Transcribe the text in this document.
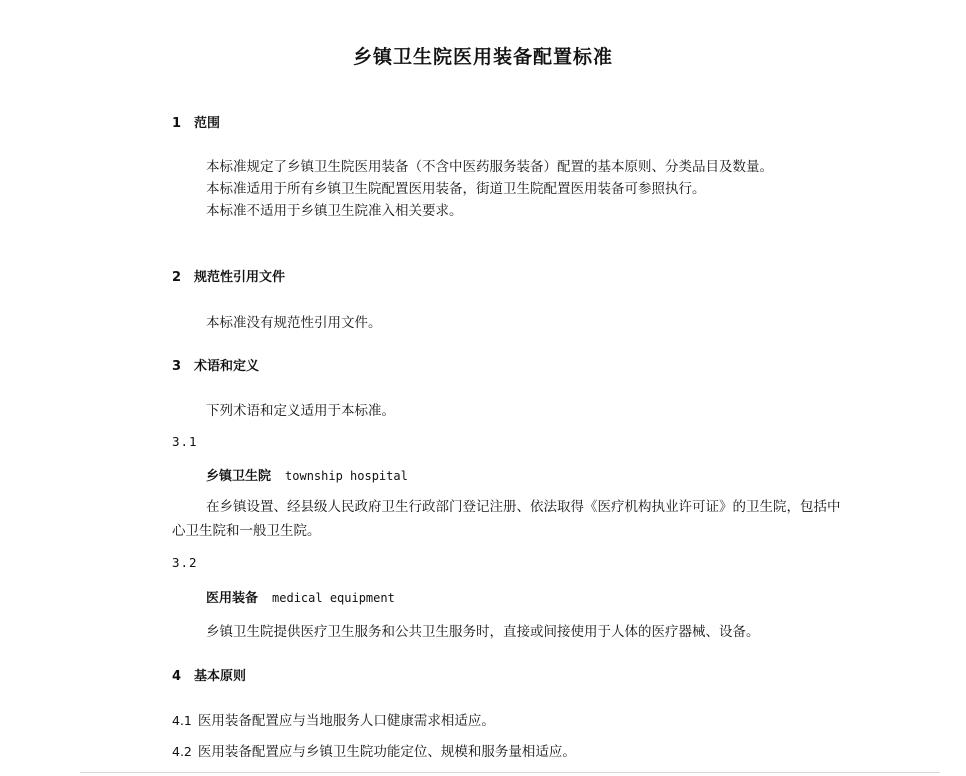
乡镇卫生院医用装备配置标准
1 范围
本标准规定了乡镇卫生院医用装备（不含中医药服务装备）配置的基本原则、分类品目及数量。
本标准适用于所有乡镇卫生院配置医用装备，街道卫生院配置医用装备可参照执行。
本标准不适用于乡镇卫生院准入相关要求。
2 规范性引用文件
本标准没有规范性引用文件。
3 术语和定义
下列术语和定义适用于本标准。
3.1
乡镇卫生院 township hospital
在乡镇设置、经县级人民政府卫生行政部门登记注册、依法取得《医疗机构执业许可证》的卫生院，包括中心卫生院和一般卫生院。
3.2
医用装备 medical equipment
乡镇卫生院提供医疗卫生服务和公共卫生服务时，直接或间接使用于人体的医疗器械、设备。
4 基本原则
4.1 医用装备配置应与当地服务人口健康需求相适应。
4.2 医用装备配置应与乡镇卫生院功能定位、规模和服务量相适应。
